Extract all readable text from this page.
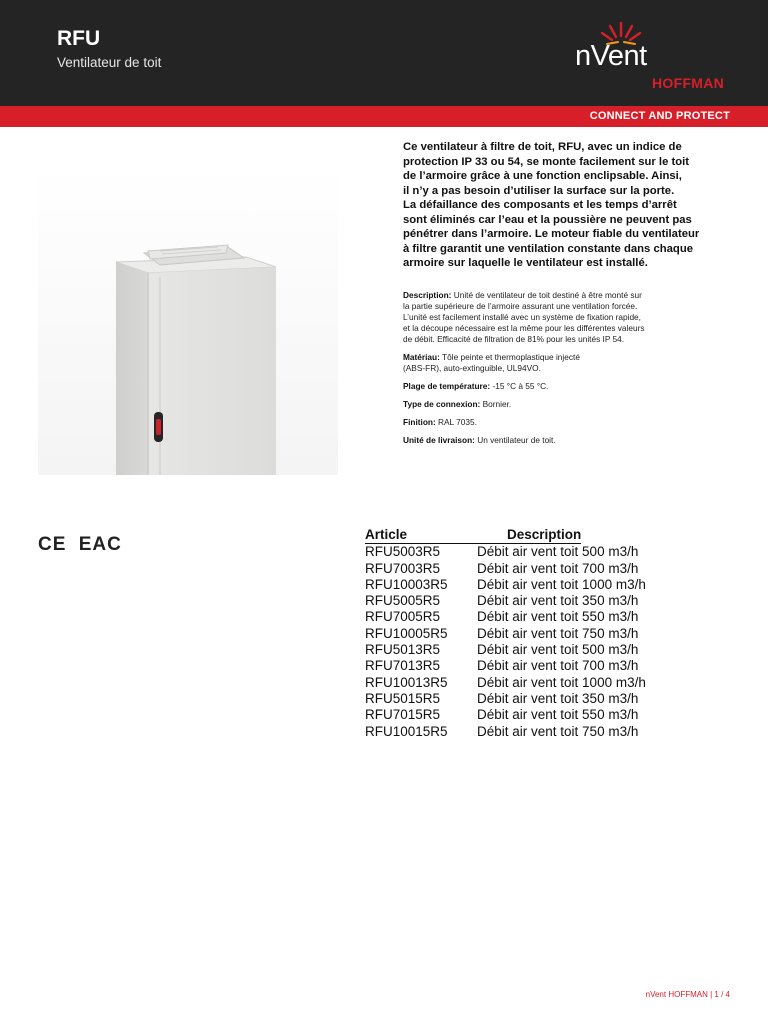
RFU
Ventilateur de toit	nVent
HOFFMAN
CONNECT AND PROTECT
Ce ventilateur à filtre de toit, RFU, avec un indice de
protection IP 33 ou 54, se monte facilement sur le toit
de l’armoire grâce à une fonction enclipsable. Ainsi,
il n’y a pas besoin d’utiliser la surface sur la porte.
La défaillance des composants et les temps d’arrêt
sont éliminés car l’eau et la poussière ne peuvent pas
pénétrer dans l’armoire. Le moteur fiable du ventilateur
à filtre garantit une ventilation constante dans chaque
armoire sur laquelle le ventilateur est installé.
Description: Unité de ventilateur de toit destiné à être monté sur
la partie supérieure de l’armoire assurant une ventilation forcée.
L’unité est facilement installé avec un système de fixation rapide,
et la découpe nécessaire est la même pour les différentes valeurs
de débit. Efficacité de filtration de 81% pour les unités IP 54.
Matériau: Tôle peinte et thermoplastique injecté
(ABS-FR), auto-extinguible, UL94VO.
Plage de température: -15 °C à 55 °C.
Type de connexion: Bornier.
Finition: RAL 7035.
Unité de livraison: Un ventilateur de toit.
CE EAC	Article	Description
RFU5003R5	Débit air vent toit 500 m3/h
RFU7003R5	Débit air vent toit 700 m3/h
RFU10003R5	Débit air vent toit 1000 m3/h
RFU5005R5	Débit air vent toit 350 m3/h
RFU7005R5	Débit air vent toit 550 m3/h
RFU10005R5	Débit air vent toit 750 m3/h
RFU5013R5	Débit air vent toit 500 m3/h
RFU7013R5	Débit air vent toit 700 m3/h
RFU10013R5	Débit air vent toit 1000 m3/h
RFU5015R5	Débit air vent toit 350 m3/h
RFU7015R5	Débit air vent toit 550 m3/h
RFU10015R5	Débit air vent toit 750 m3/h
nVent HOFFMAN | 1 / 4
